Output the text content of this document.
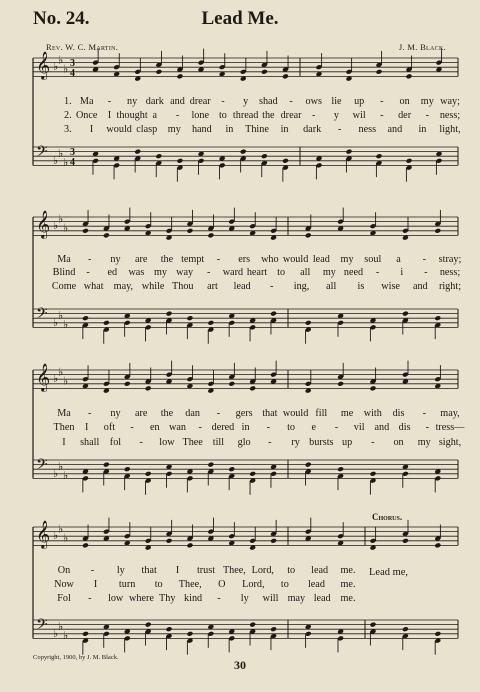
No. 24.	Lead Me.
Rev. W. C. Martin.	J. M. Black.
𝄞 ♭
♭
♭
𝄢 ♭
♭
♭
3
4
3
4
1. Ma - ny dark and drear - y shad - ows lie up - on my way;
2. Once I thought a - lone to thread the drear - y wil - der - ness;
3. I would clasp my hand in Thine in dark - ness and in light,
𝄞 ♭
♭
♭
𝄢 ♭
♭
♭
Ma - ny are the tempt - ers who would lead my soul a - stray;
Blind - ed was my way - ward heart to all my need - i - ness;
Come what may, while Thou art lead - ing, all is wise and right;
𝄞 ♭
♭
♭
𝄢 ♭
♭
♭
Ma - ny are the dan - gers that would fill me with dis - may,
Then I oft - en wan - dered in - to e - vil and dis - tress—
I shall fol - low Thee till glo - ry bursts up - on my sight,
𝄞 ♭
♭
♭
𝄢 ♭
♭
♭
On - ly that I trust Thee, Lord, to lead me.
Now I turn to Thee, O Lord, to lead me.
Fol - low where Thy kind - ly will may lead me.
Chorus.
Lead me,
Copyright, 1900, by J. M. Black.
30
